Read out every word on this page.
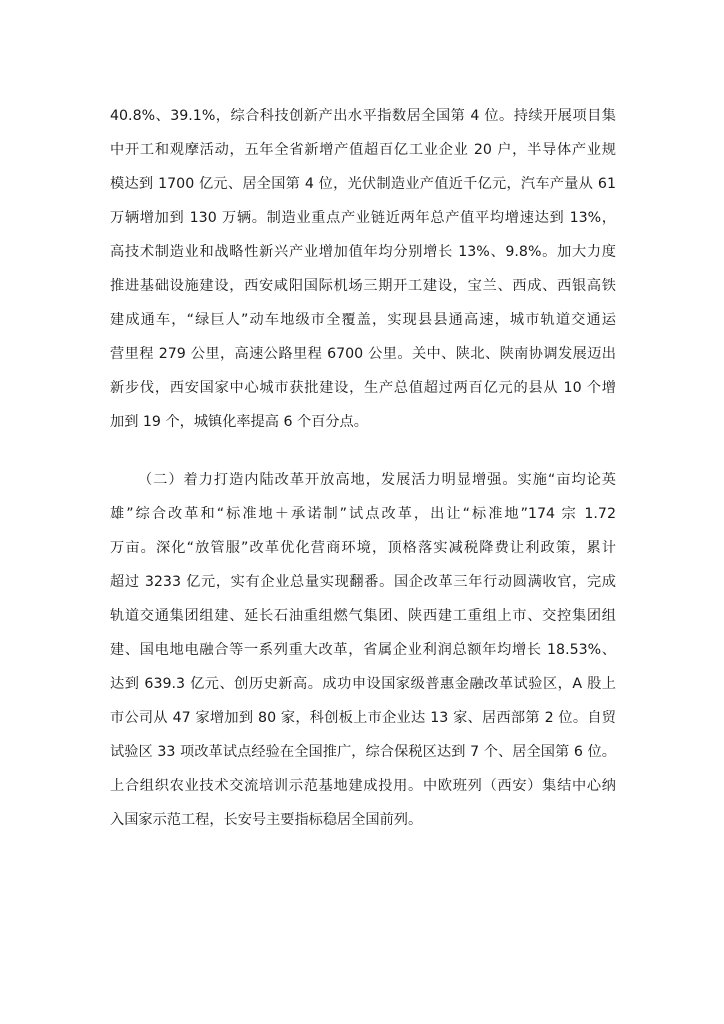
40.8%、39.1%，综合科技创新产出水平指数居全国第 4 位。持续开展项目集
中开工和观摩活动，五年全省新增产值超百亿工业企业 20 户，半导体产业规
模达到 1700 亿元、居全国第 4 位，光伏制造业产值近千亿元，汽车产量从 61
万辆增加到 130 万辆。制造业重点产业链近两年总产值平均增速达到 13%，
高技术制造业和战略性新兴产业增加值年均分别增长 13%、9.8%。加大力度
推进基础设施建设，西安咸阳国际机场三期开工建设，宝兰、西成、西银高铁
建成通车，“绿巨人”动车地级市全覆盖，实现县县通高速，城市轨道交通运
营里程 279 公里，高速公路里程 6700 公里。关中、陕北、陕南协调发展迈出
新步伐，西安国家中心城市获批建设，生产总值超过两百亿元的县从 10 个增
加到 19 个，城镇化率提高 6 个百分点。
（二）着力打造内陆改革开放高地，发展活力明显增强。实施“亩均论英
雄”综合改革和“标准地＋承诺制”试点改革，出让“标准地”174 宗 1.72
万亩。深化“放管服”改革优化营商环境，顶格落实减税降费让利政策，累计
超过 3233 亿元，实有企业总量实现翻番。国企改革三年行动圆满收官，完成
轨道交通集团组建、延长石油重组燃气集团、陕西建工重组上市、交控集团组
建、国电地电融合等一系列重大改革，省属企业利润总额年均增长 18.53%、
达到 639.3 亿元、创历史新高。成功申设国家级普惠金融改革试验区，A 股上
市公司从 47 家增加到 80 家，科创板上市企业达 13 家、居西部第 2 位。自贸
试验区 33 项改革试点经验在全国推广，综合保税区达到 7 个、居全国第 6 位。
上合组织农业技术交流培训示范基地建成投用。中欧班列（西安）集结中心纳
入国家示范工程，长安号主要指标稳居全国前列。
